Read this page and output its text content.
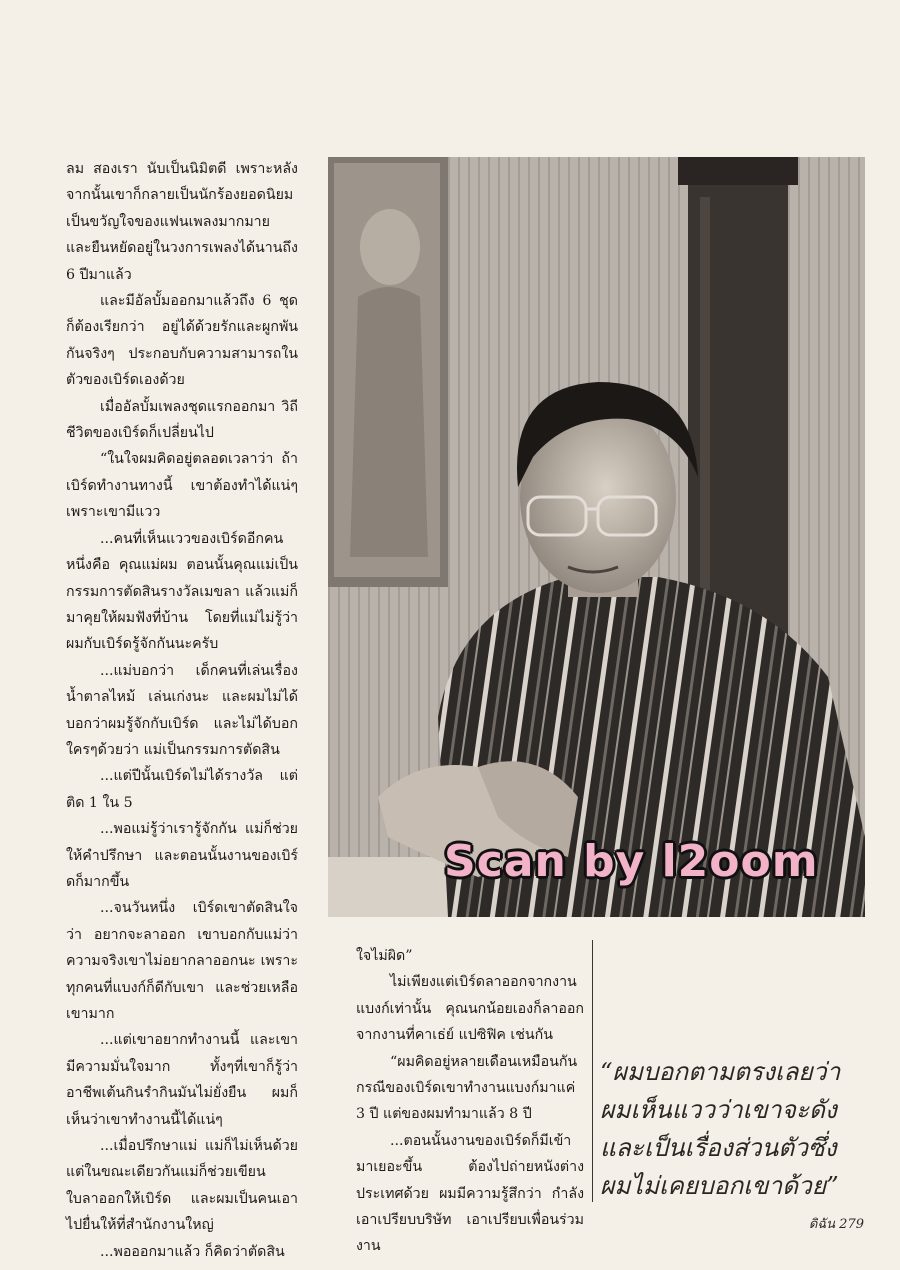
ลม สองเรา นับเป็นนิมิตดี เพราะหลังจากนั้นเขาก็กลายเป็นนักร้องยอดนิยม เป็นขวัญใจของแฟนเพลงมากมาย และยืนหยัดอยู่ในวงการเพลงได้นานถึง 6 ปีมาแล้ว

และมีอัลบั้มออกมาแล้วถึง 6 ชุด ก็ต้องเรียกว่า อยู่ได้ด้วยรักและผูกพันกันจริงๆ ประกอบกับความสามารถในตัวของเบิร์ดเองด้วย

เมื่ออัลบั้มเพลงชุดแรกออกมา วิถีชีวิตของเบิร์ดก็เปลี่ยนไป

“ในใจผมคิดอยู่ตลอดเวลาว่า ถ้าเบิร์ดทำงานทางนี้ เขาต้องทำได้แน่ๆ เพราะเขามีแวว

...คนที่เห็นแววของเบิร์ดอีกคนหนึ่งคือ คุณแม่ผม ตอนนั้นคุณแม่เป็นกรรมการตัดสินรางวัลเมขลา แล้วแม่ก็มาคุยให้ผมฟังที่บ้าน โดยที่แม่ไม่รู้ว่าผมกับเบิร์ดรู้จักกันนะครับ

...แม่บอกว่า เด็กคนที่เล่นเรื่องน้ำตาลไหม้ เล่นเก่งนะ และผมไม่ได้บอกว่าผมรู้จักกับเบิร์ด และไม่ได้บอกใครๆด้วยว่า แม่เป็นกรรมการตัดสิน

...แต่ปีนั้นเบิร์ดไม่ได้รางวัล แต่ติด 1 ใน 5

...พอแม่รู้ว่าเรารู้จักกัน แม่ก็ช่วยให้คำปรึกษา และตอนนั้นงานของเบิร์ดก็มากขึ้น

...จนวันหนึ่ง เบิร์ดเขาตัดสินใจว่า อยากจะลาออก เขาบอกกับแม่ว่าความจริงเขาไม่อยากลาออกนะ เพราะทุกคนที่แบงก์ก็ดีกับเขา และช่วยเหลือเขามาก

...แต่เขาอยากทำงานนี้ และเขามีความมั่นใจมาก ทั้งๆที่เขาก็รู้ว่าอาชีพเต้นกินรำกินมันไม่ยั่งยืน ผมก็เห็นว่าเขาทำงานนี้ได้แน่ๆ

...เมื่อปรึกษาแม่ แม่ก็ไม่เห็นด้วย แต่ในขณะเดียวกันแม่ก็ช่วยเขียนใบลาออกให้เบิร์ด และผมเป็นคนเอาไปยื่นให้ที่สำนักงานใหญ่

...พอออกมาแล้ว ก็คิดว่าตัดสิน

Scan by l2oom

ใจไม่ผิด”

ไม่เพียงแต่เบิร์ดลาออกจากงานแบงก์เท่านั้น คุณนกน้อยเองก็ลาออกจากงานที่คาเธ่ย์ แปซิฟิค เช่นกัน

“ผมคิดอยู่หลายเดือนเหมือนกัน กรณีของเบิร์ดเขาทำงานแบงก์มาแค่ 3 ปี แต่ของผมทำมาแล้ว 8 ปี

...ตอนนั้นงานของเบิร์ดก็มีเข้ามาเยอะขึ้น ต้องไปถ่ายหนังต่างประเทศด้วย ผมมีความรู้สึกว่า กำลังเอาเปรียบบริษัท เอาเปรียบเพื่อนร่วมงาน

“ผมบอกตามตรงเลยว่า
ผมเห็นแววว่าเขาจะดัง
และเป็นเรื่องส่วนตัวซึ่ง
ผมไม่เคยบอกเขาด้วย”
ดิฉัน 279
